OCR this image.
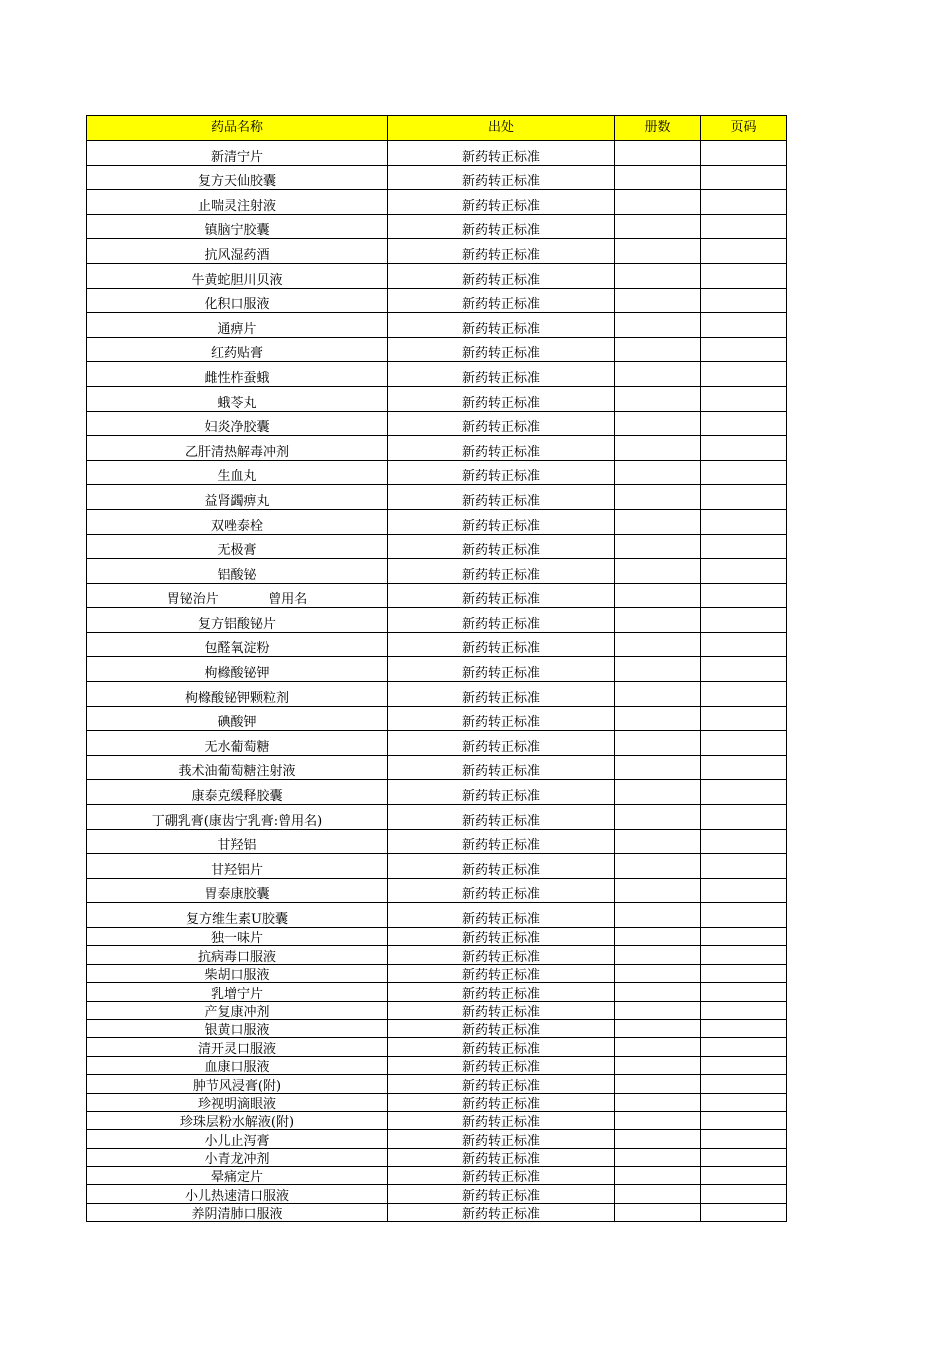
药品名称	出处	册数	页码
新清宁片	新药转正标准		
复方天仙胶囊	新药转正标准		
止喘灵注射液	新药转正标准		
镇脑宁胶囊	新药转正标准		
抗风湿药酒	新药转正标准		
牛黄蛇胆川贝液	新药转正标准		
化积口服液	新药转正标准		
通痹片	新药转正标准		
红药贴膏	新药转正标准		
雌性柞蚕蛾	新药转正标准		
蛾苓丸	新药转正标准		
妇炎净胶囊	新药转正标准		
乙肝清热解毒冲剂	新药转正标准		
生血丸	新药转正标准		
益肾蠲痹丸	新药转正标准		
双唑泰栓	新药转正标准		
无极膏	新药转正标准		
铝酸铋	新药转正标准		
胃铋治片            曾用名	新药转正标准		
复方铝酸铋片	新药转正标准		
包醛氧淀粉	新药转正标准		
枸橼酸铋钾	新药转正标准		
枸橼酸铋钾颗粒剂	新药转正标准		
碘酸钾	新药转正标准		
无水葡萄糖	新药转正标准		
莪术油葡萄糖注射液	新药转正标准		
康泰克缓释胶囊	新药转正标准		
丁硼乳膏(康齿宁乳膏:曾用名)	新药转正标准		
甘羟铝	新药转正标准		
甘羟铝片	新药转正标准		
胃泰康胶囊	新药转正标准		
复方维生素U胶囊	新药转正标准		
独一味片	新药转正标准		
抗病毒口服液	新药转正标准		
柴胡口服液	新药转正标准		
乳增宁片	新药转正标准		
产复康冲剂	新药转正标准		
银黄口服液	新药转正标准		
清开灵口服液	新药转正标准		
血康口服液	新药转正标准		
肿节风浸膏(附)	新药转正标准		
珍视明滴眼液	新药转正标准		
珍珠层粉水解液(附)	新药转正标准		
小儿止泻膏	新药转正标准		
小青龙冲剂	新药转正标准		
晕痛定片	新药转正标准		
小儿热速清口服液	新药转正标准		
养阴清肺口服液	新药转正标准		
